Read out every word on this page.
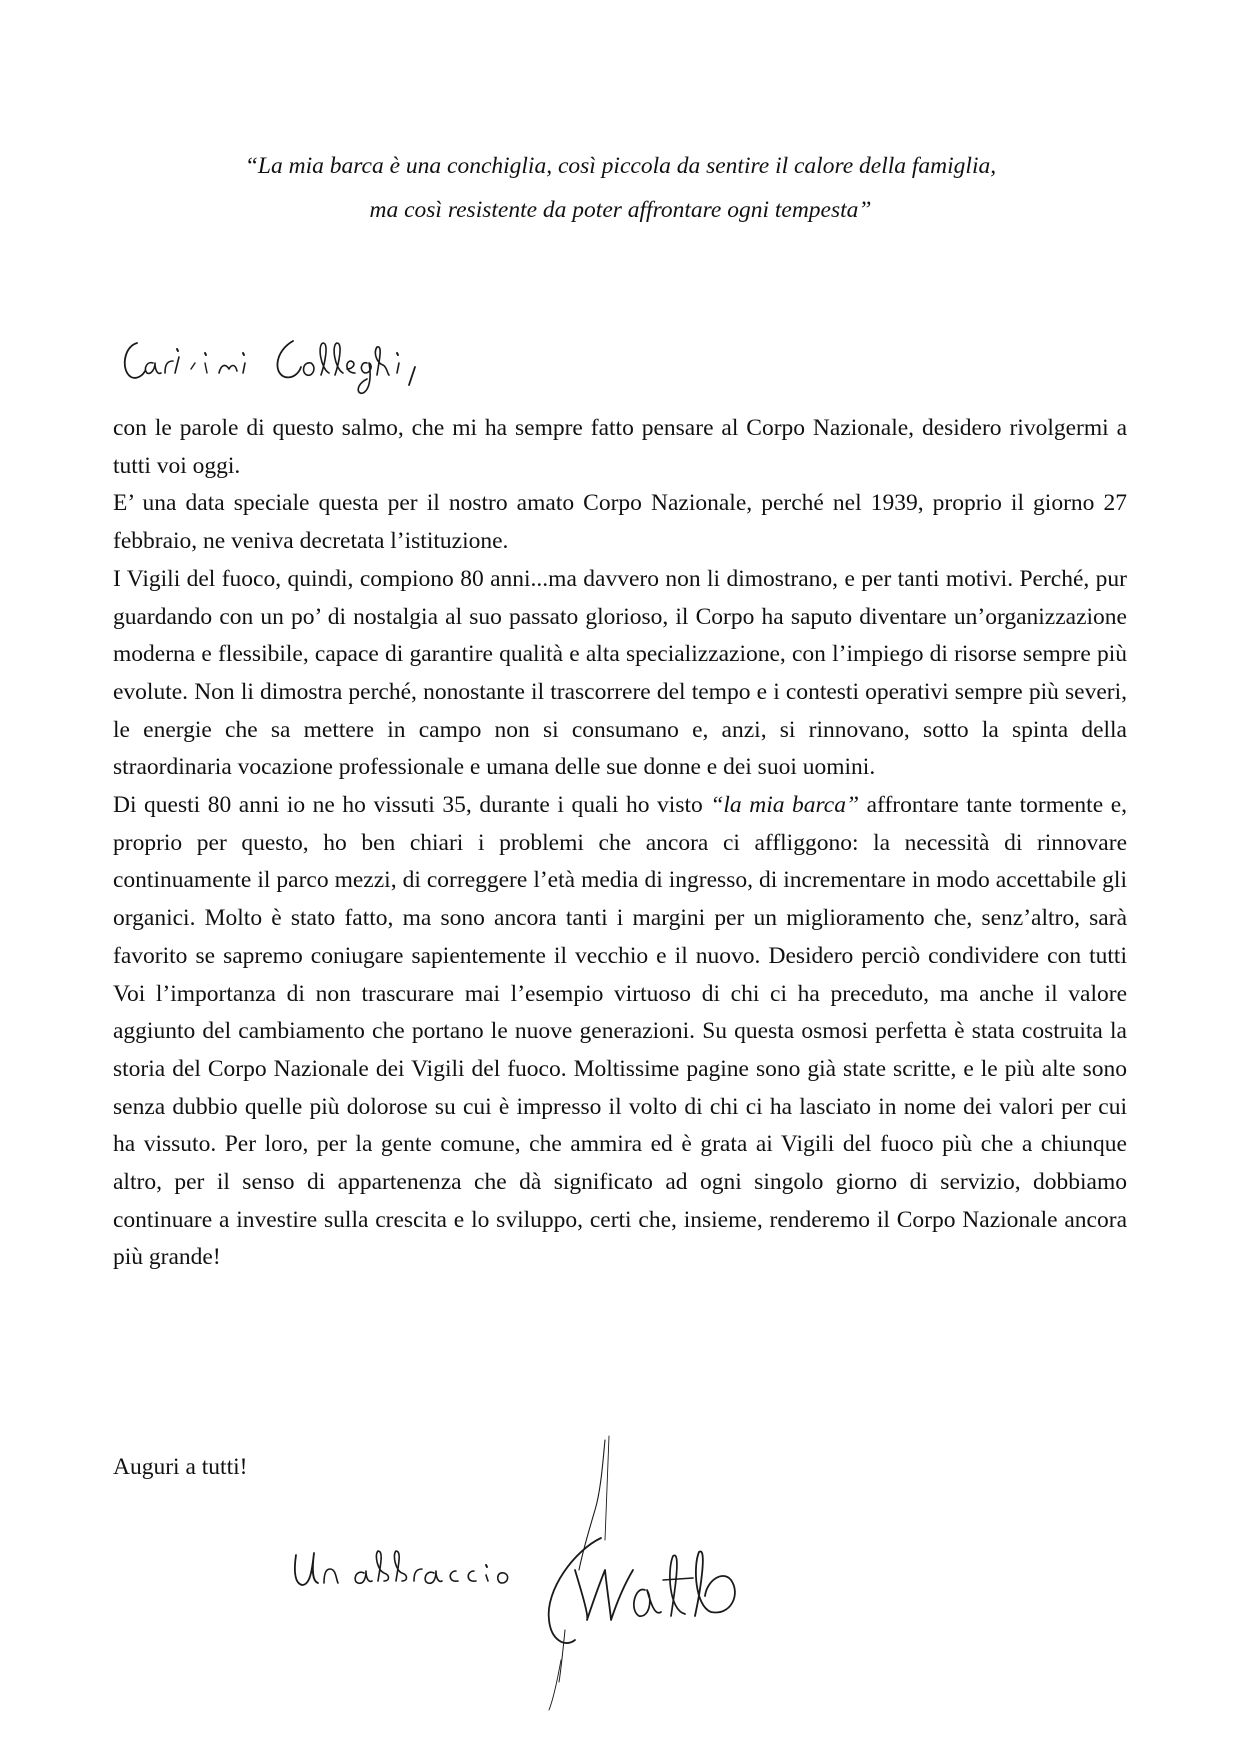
“La mia barca è una conchiglia, così piccola da sentire il calore della famiglia,
ma così resistente da poter affrontare ogni tempesta”

con le parole di questo salmo, che mi ha sempre fatto pensare al Corpo Nazionale, desidero rivolgermi a tutti voi oggi.

E’ una data speciale questa per il nostro amato Corpo Nazionale, perché nel 1939, proprio il giorno 27 febbraio, ne veniva decretata l’istituzione.

I Vigili del fuoco, quindi, compiono 80 anni...ma davvero non li dimostrano, e per tanti motivi. Perché, pur guardando con un po’ di nostalgia al suo passato glorioso, il Corpo ha saputo diventare un’organizzazione moderna e flessibile, capace di garantire qualità e alta specializzazione, con l’impiego di risorse sempre più evolute. Non li dimostra perché, nonostante il trascorrere del tempo e i contesti operativi sempre più severi, le energie che sa mettere in campo non si consumano e, anzi, si rinnovano, sotto la spinta della straordinaria vocazione professionale e umana delle sue donne e dei suoi uomini.

Di questi 80 anni io ne ho vissuti 35, durante i quali ho visto “la mia barca” affrontare tante tormente e, proprio per questo, ho ben chiari i problemi che ancora ci affliggono: la necessità di rinnovare continuamente il parco mezzi, di correggere l’età media di ingresso, di incrementare in modo accettabile gli organici. Molto è stato fatto, ma sono ancora tanti i margini per un miglioramento che, senz’altro, sarà favorito se sapremo coniugare sapientemente il vecchio e il nuovo. Desidero perciò condividere con tutti Voi l’importanza di non trascurare mai l’esempio virtuoso di chi ci ha preceduto, ma anche il valore aggiunto del cambiamento che portano le nuove generazioni. Su questa osmosi perfetta è stata costruita la storia del Corpo Nazionale dei Vigili del fuoco. Moltissime pagine sono già state scritte, e le più alte sono senza dubbio quelle più dolorose su cui è impresso il volto di chi ci ha lasciato in nome dei valori per cui ha vissuto. Per loro, per la gente comune, che ammira ed è grata ai Vigili del fuoco più che a chiunque altro, per il senso di appartenenza che dà significato ad ogni singolo giorno di servizio, dobbiamo continuare a investire sulla crescita e lo sviluppo, certi che, insieme, renderemo il Corpo Nazionale ancora più grande!

Auguri a tutti!
